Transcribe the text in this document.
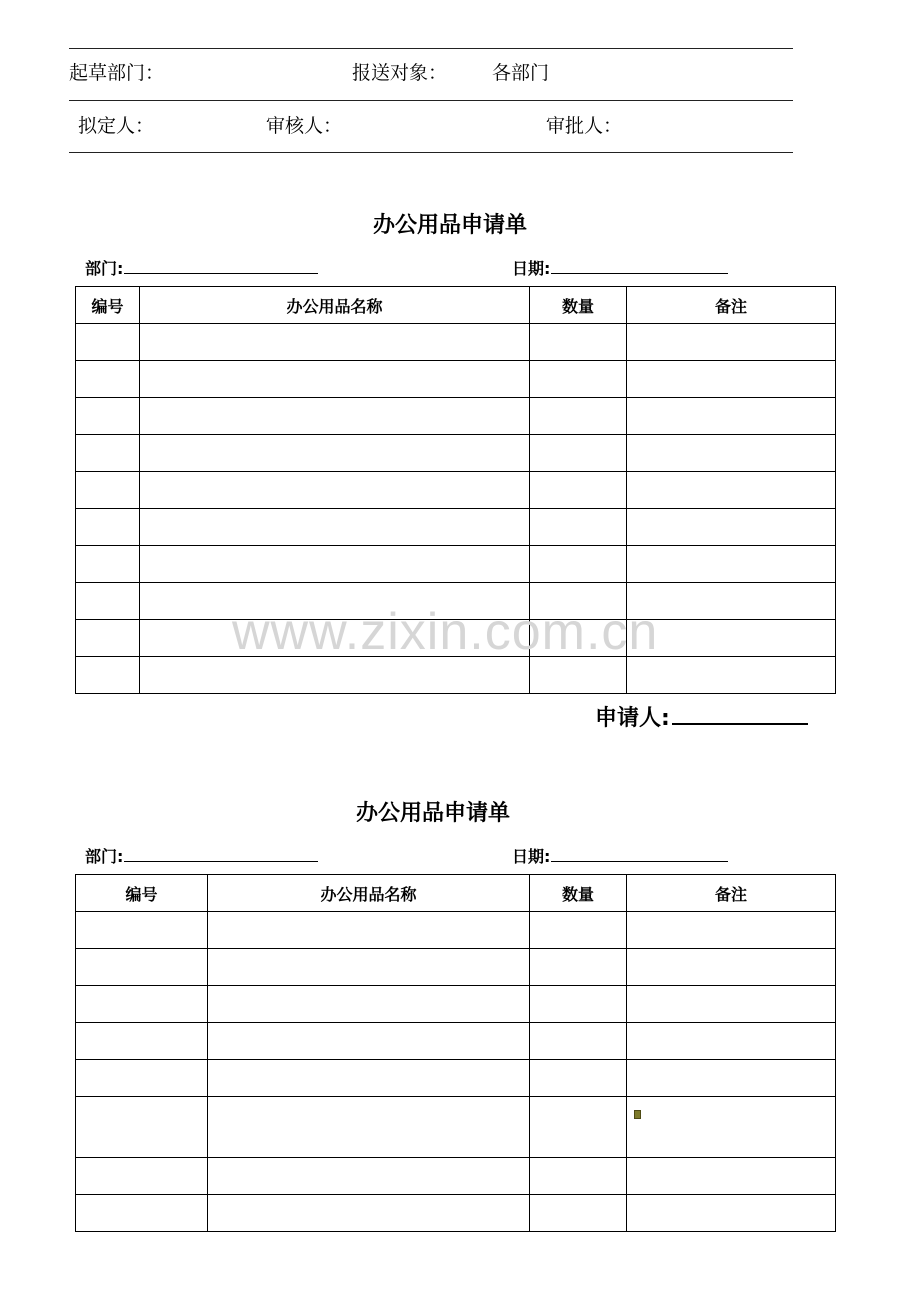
起草部门：	报送对象： 各部门
拟定人：	审核人：	审批人：
办公用品申请单
部门:	日期:
编号	办公用品名称	数量	备注

申请人:
办公用品申请单
部门:	日期:
编号	办公用品名称	数量	备注

www.zixin.com.cn
